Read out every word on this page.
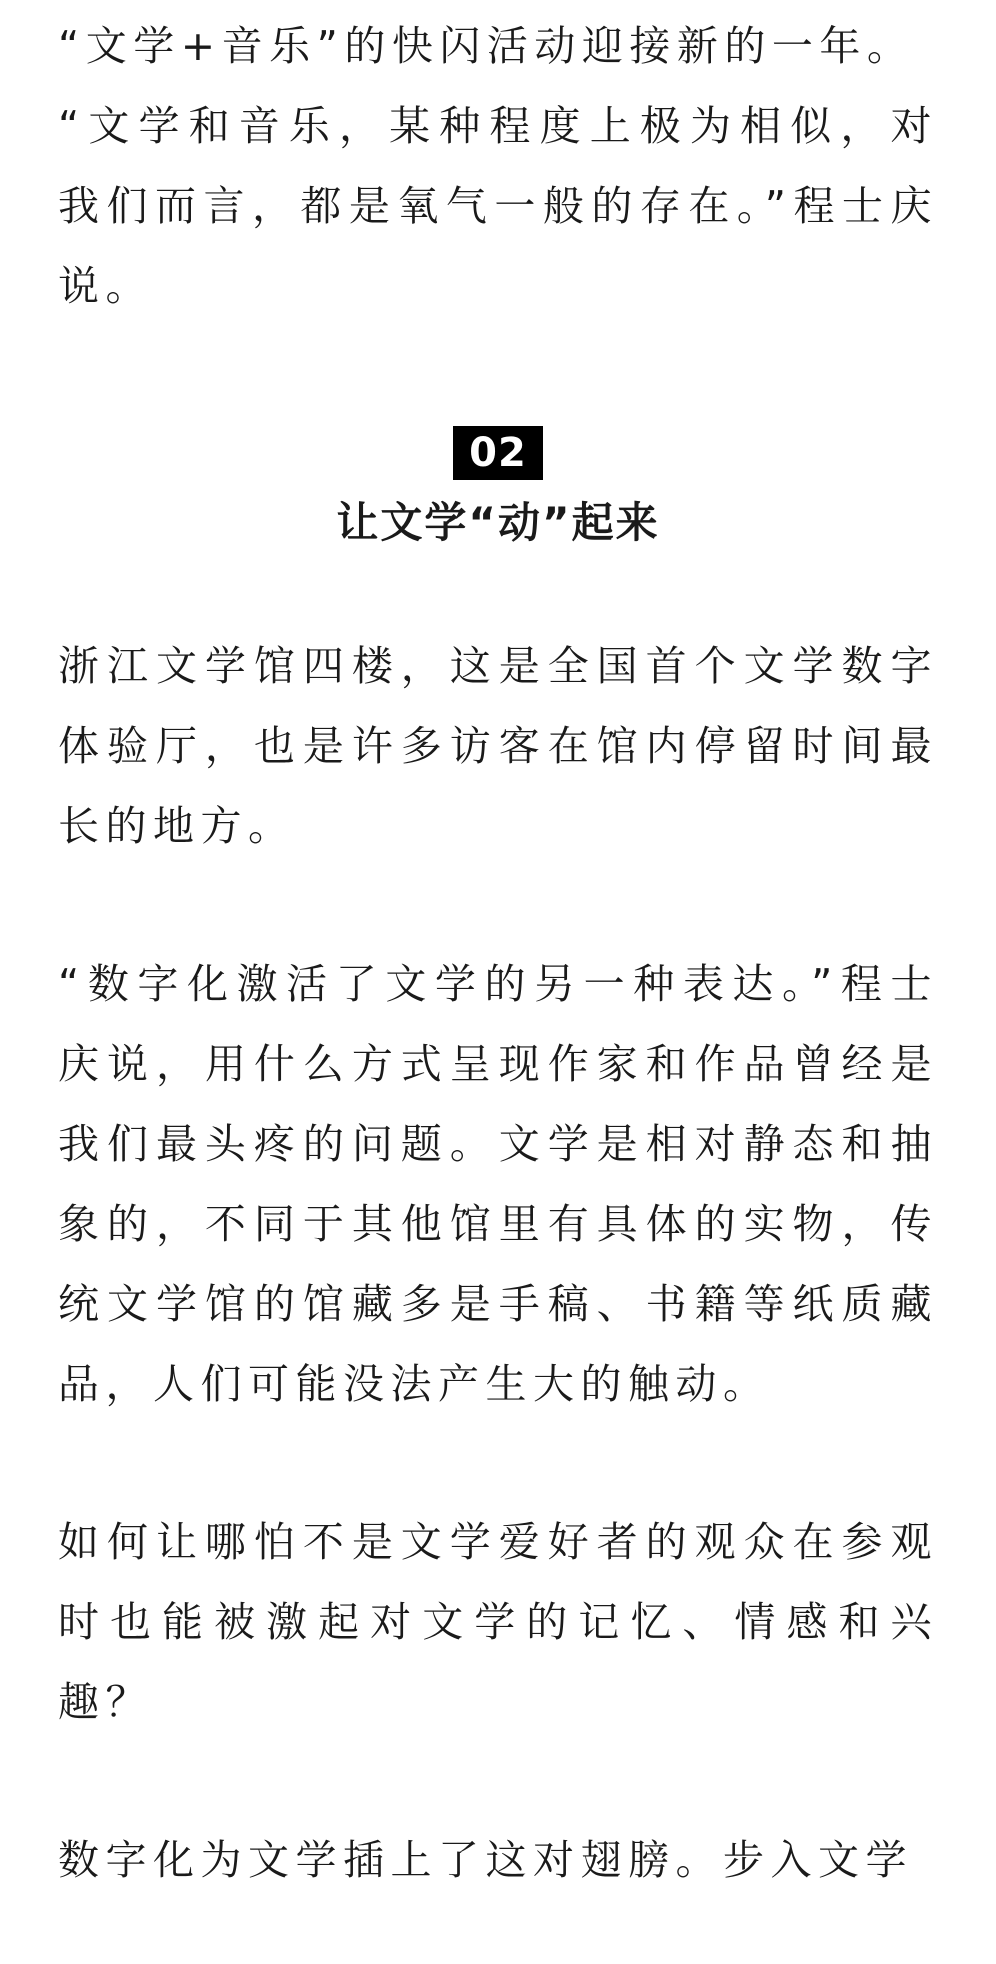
“文学+音乐”的快闪活动迎接新的一年。

“文学和音乐，某种程度上极为相似，对我们而言，都是氧气一般的存在。”程士庆说。

02
让文学“动”起来

浙江文学馆四楼，这是全国首个文学数字体验厅，也是许多访客在馆内停留时间最长的地方。

“数字化激活了文学的另一种表达。”程士庆说，用什么方式呈现作家和作品曾经是我们最头疼的问题。文学是相对静态和抽象的，不同于其他馆里有具体的实物，传统文学馆的馆藏多是手稿、书籍等纸质藏品，人们可能没法产生大的触动。

如何让哪怕不是文学爱好者的观众在参观时也能被激起对文学的记忆、情感和兴趣？

数字化为文学插上了这对翅膀。步入文学
